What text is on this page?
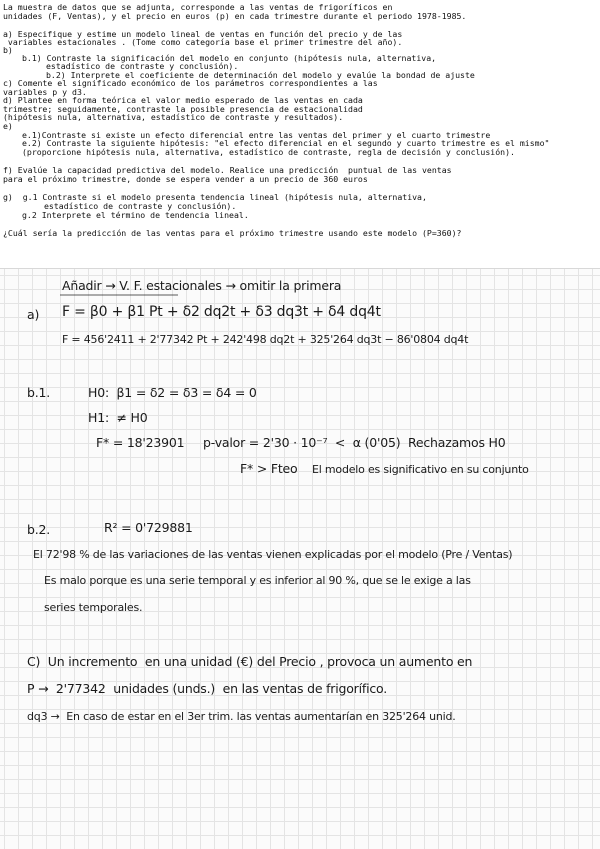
La muestra de datos que se adjunta, corresponde a las ventas de frigoríficos en
unidades (F, Ventas), y el precio en euros (p) en cada trimestre durante el periodo 1978-1985.
a) Especifique y estime un modelo lineal de ventas en función del precio y de las
variables estacionales . (Tome como categoría base el primer trimestre del año).
b)
b.1) Contraste la significación del modelo en conjunto (hipótesis nula, alternativa,
estadístico de contraste y conclusión).
b.2) Interprete el coeficiente de determinación del modelo y evalúe la bondad de ajuste
c) Comente el significado económico de los parámetros correspondientes a las
variables p y d3.
d) Plantee en forma teórica el valor medio esperado de las ventas en cada
trimestre; seguidamente, contraste la posible presencia de estacionalidad
(hipótesis nula, alternativa, estadístico de contraste y resultados).
e)
e.1)Contraste si existe un efecto diferencial entre las ventas del primer y el cuarto trimestre
e.2) Contraste la siguiente hipótesis: "el efecto diferencial en el segundo y cuarto trimestre es el mismo"
(proporcione hipótesis nula, alternativa, estadístico de contraste, regla de decisión y conclusión).
f) Evalúe la capacidad predictiva del modelo. Realice una predicción  puntual de las ventas
para el próximo trimestre, donde se espera vender a un precio de 360 euros
g)  g.1 Contraste si el modelo presenta tendencia lineal (hipótesis nula, alternativa,
estadístico de contraste y conclusión).
g.2 Interprete el término de tendencia lineal.
¿Cuál sería la predicción de las ventas para el próximo trimestre usando este modelo (P=360)?
Añadir → V. F. estacionales → omitir la primera
a) F = β0 + β1 Pt + δ2 dq2t + δ3 dq3t + δ4 dq4t
F = 456'2411 + 2'77342 Pt + 242'498 dq2t + 325'264 dq3t − 86'0804 dq4t
b.1.	H0:  β1 = δ2 = δ3 = δ4 = 0
H1:  ≠ H0
F* = 18'23901 p-valor = 2'30 · 10⁻⁷  <  α (0'05)  Rechazamos H0
F* > Fteo El modelo es significativo en su conjunto
b.2.	R² = 0'729881
El 72'98 % de las variaciones de las ventas vienen explicadas por el modelo (Pre / Ventas)
Es malo porque es una serie temporal y es inferior al 90 %, que se le exige a las
series temporales.
C)  Un incremento  en una unidad (€) del Precio , provoca un aumento en
P →  2'77342  unidades (unds.)  en las ventas de frigorífico.
dq3 →  En caso de estar en el 3er trim. las ventas aumentarían en 325'264 unid.
